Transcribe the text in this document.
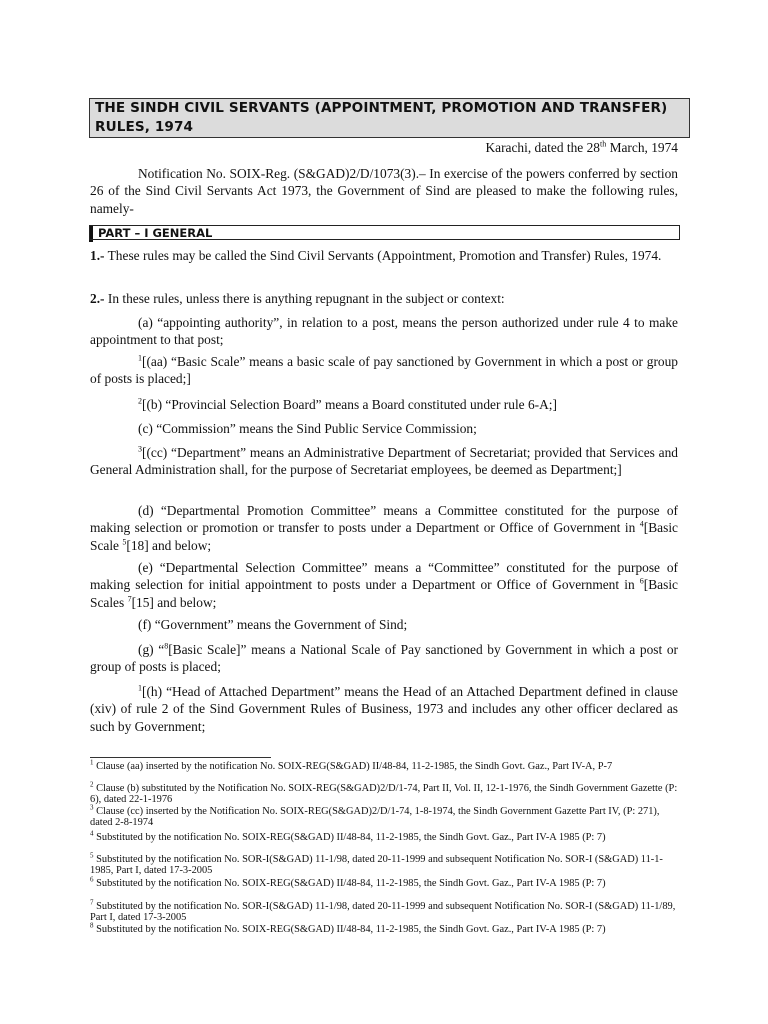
THE SINDH CIVIL SERVANTS (APPOINTMENT, PROMOTION AND TRANSFER) RULES, 1974
Karachi, dated the 28th March, 1974
Notification No. SOIX-Reg. (S&GAD)2/D/1073(3).– In exercise of the powers conferred by section 26 of the Sind Civil Servants Act 1973, the Government of Sind are pleased to make the following rules, namely-
PART – I GENERAL
1.- These rules may be called the Sind Civil Servants (Appointment, Promotion and Transfer) Rules, 1974.
2.- In these rules, unless there is anything repugnant in the subject or context:
(a) “appointing authority”, in relation to a post, means the person authorized under rule 4 to make appointment to that post;
$^1$[(aa) “Basic Scale” means a basic scale of pay sanctioned by Government in which a post or group of posts is placed;]
$^2$[(b) “Provincial Selection Board” means a Board constituted under rule 6-A;]
(c) “Commission” means the Sind Public Service Commission;
$^3$[(cc) “Department” means an Administrative Department of Secretariat; provided that Services and General Administration shall, for the purpose of Secretariat employees, be deemed as Department;]
(d) “Departmental Promotion Committee” means a Committee constituted for the purpose of making selection or promotion or transfer to posts under a Department or Office of Government in $^4$[Basic Scale $^5$[18] and below;
(e) “Departmental Selection Committee” means a “Committee” constituted for the purpose of making selection for initial appointment to posts under a Department or Office of Government in $^6$[Basic Scales $^7$[15] and below;
(f) “Government” means the Government of Sind;
(g) “$^8$[Basic Scale]” means a National Scale of Pay sanctioned by Government in which a post or group of posts is placed;
$^1$[(h) “Head of Attached Department” means the Head of an Attached Department defined in clause (xiv) of rule 2 of the Sind Government Rules of Business, 1973 and includes any other officer declared as such by Government;
$^1$ Clause (aa) inserted by the notification No. SOIX-REG(S&GAD) II/48-84, 11-2-1985, the Sindh Govt. Gaz., Part IV-A, P-7
$^2$ Clause (b) substituted by the Notification No. SOIX-REG(S&GAD)2/D/1-74, Part II, Vol. II, 12-1-1976, the Sindh Government Gazette (P: 6), dated 22-1-1976
$^3$ Clause (cc) inserted by the Notification No. SOIX-REG(S&GAD)2/D/1-74, 1-8-1974, the Sindh Government Gazette Part IV, (P: 271), dated 2-8-1974
$^4$ Substituted by the notification No. SOIX-REG(S&GAD) II/48-84, 11-2-1985, the Sindh Govt. Gaz., Part IV-A 1985 (P: 7)
$^5$ Substituted by the notification No. SOR-I(S&GAD) 11-1/98, dated 20-11-1999 and subsequent Notification No. SOR-I (S&GAD) 11-1-1985, Part I, dated 17-3-2005
$^6$ Substituted by the notification No. SOIX-REG(S&GAD) II/48-84, 11-2-1985, the Sindh Govt. Gaz., Part IV-A 1985 (P: 7)
$^7$ Substituted by the notification No. SOR-I(S&GAD) 11-1/98, dated 20-11-1999 and subsequent Notification No. SOR-I (S&GAD) 11-1/89, Part I, dated 17-3-2005
$^8$ Substituted by the notification No. SOIX-REG(S&GAD) II/48-84, 11-2-1985, the Sindh Govt. Gaz., Part IV-A 1985 (P: 7)
